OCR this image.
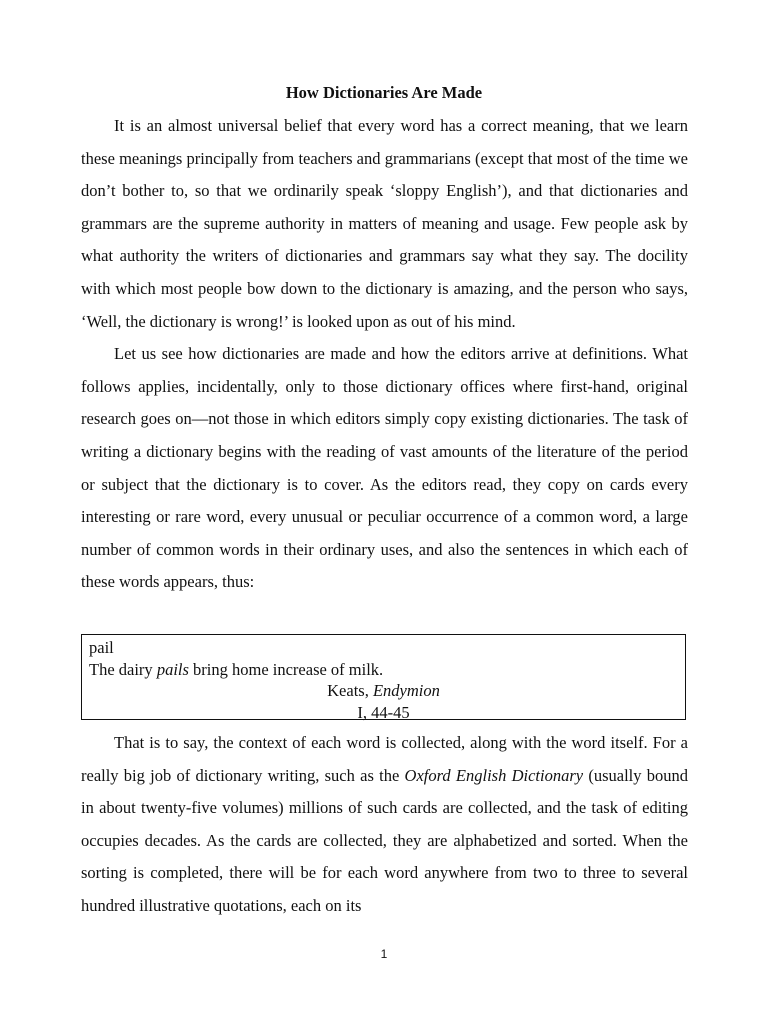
How Dictionaries Are Made

It is an almost universal belief that every word has a correct meaning, that we learn these meanings principally from teachers and grammarians (except that most of the time we don’t bother to, so that we ordinarily speak ‘sloppy English’), and that dictionaries and grammars are the supreme authority in matters of meaning and usage. Few people ask by what authority the writers of dictionaries and grammars say what they say. The docility with which most people bow down to the dictionary is amazing, and the person who says, ‘Well, the dictionary is wrong!’ is looked upon as out of his mind.

Let us see how dictionaries are made and how the editors arrive at definitions. What follows applies, incidentally, only to those dictionary offices where first-hand, original research goes on—not those in which editors simply copy existing dictionaries. The task of writing a dictionary begins with the reading of vast amounts of the literature of the period or subject that the dictionary is to cover. As the editors read, they copy on cards every interesting or rare word, every unusual or peculiar occurrence of a common word, a large number of common words in their ordinary uses, and also the sentences in which each of these words appears, thus:

pail

The dairy pails bring home increase of milk.

Keats, Endymion

I, 44-45

That is to say, the context of each word is collected, along with the word itself. For a really big job of dictionary writing, such as the Oxford English Dictionary (usually bound in about twenty-five volumes) millions of such cards are collected, and the task of editing occupies decades. As the cards are collected, they are alphabetized and sorted. When the sorting is completed, there will be for each word anywhere from two to three to several hundred illustrative quotations, each on its

1
